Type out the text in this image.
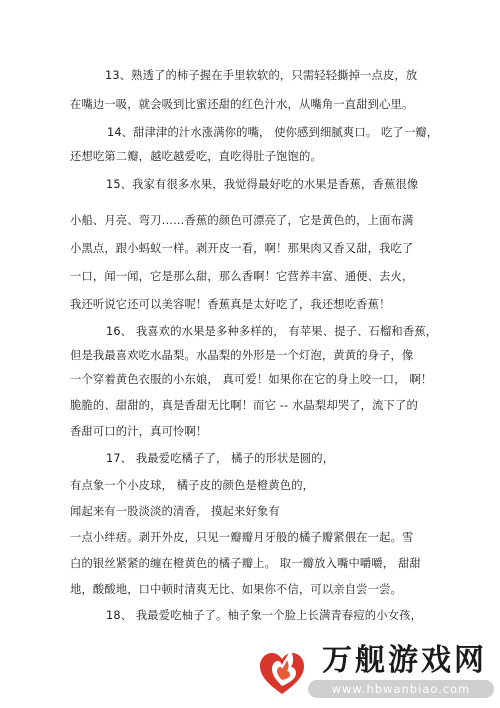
13、熟透了的柿子握在手里软软的，只需轻轻撕掉一点皮，放
在嘴边一吸，就会吸到比蜜还甜的红色汁水，从嘴角一直甜到心里。
14、甜津津的汁水涨满你的嘴， 使你感到细腻爽口。 吃了一瓣，
还想吃第二瓣，越吃越爱吃，直吃得肚子饱饱的。
15、我家有很多水果，我觉得最好吃的水果是香蕉，香蕉很像
小船、月亮、弯刀……香蕉的颜色可漂亮了，它是黄色的，上面布满
小黑点，跟小蚂蚁一样。剥开皮一看，啊！那果肉又香又甜，我吃了
一口，闻一闻，它是那么甜，那么香啊！它营养丰富、通便、去火，
我还听说它还可以美容呢！香蕉真是太好吃了，我还想吃香蕉！
16、 我喜欢的水果是多种多样的， 有苹果、提子、石榴和香蕉，
但是我最喜欢吃水晶梨。水晶梨的外形是一个灯泡，黄黄的身子，像
一个穿着黄色衣服的小东娘， 真可爱！如果你在它的身上咬一口， 啊！
脆脆的、甜甜的，真是香甜无比啊！而它 -- 水晶梨却哭了，流下了的
香甜可口的汁，真可怜啊！
17、 我最爱吃橘子了， 橘子的形状是圆的，
有点象一个小皮球， 橘子皮的颜色是橙黄色的，
闻起来有一股淡淡的清香， 摸起来好象有
一点小绊痞。剥开外皮，只见一瓣瓣月牙般的橘子瓣紧偎在一起。雪
白的银丝紧紧的缠在橙黄色的橘子瓣上。 取一瓣放入嘴中嚼嚼， 甜甜
地，酸酸地，口中顿时清爽无比、如果你不信，可以亲自尝一尝。
18、 我最爱吃柚子了。柚子象一个脸上长满青春痘的小女孩，
万舰游戏网
www.hbwanbiao.com
